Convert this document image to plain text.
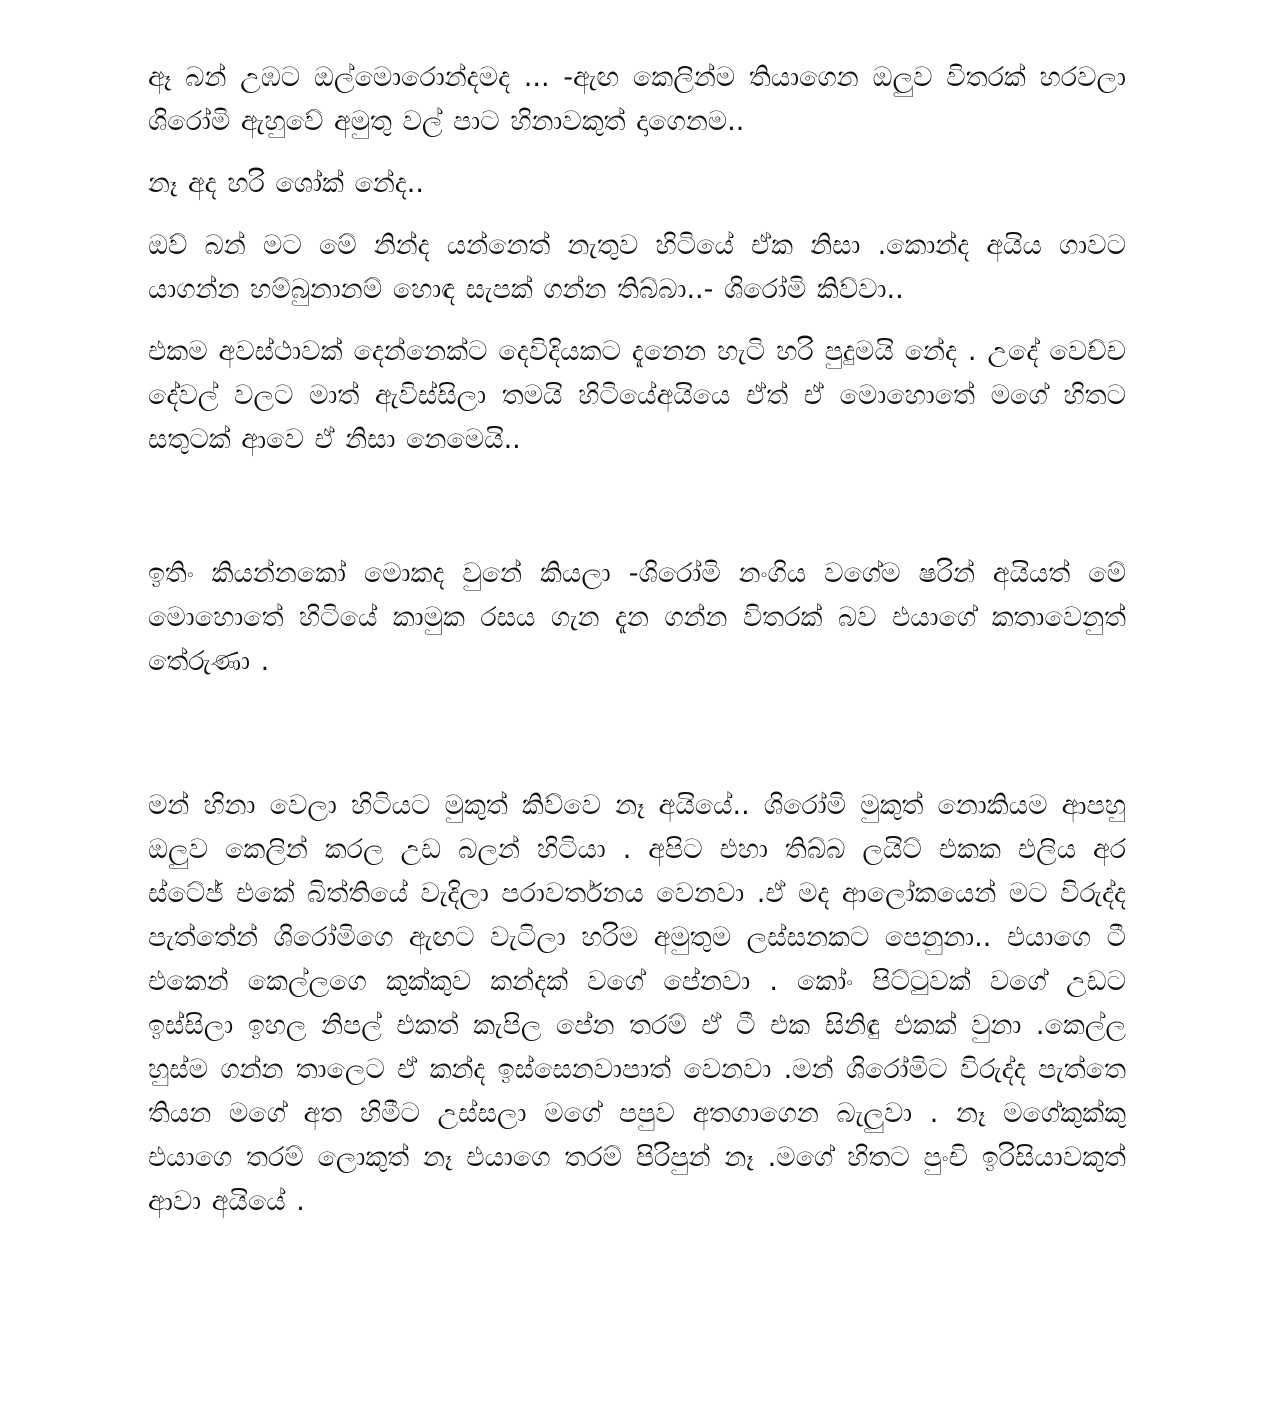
ඈ බන් උඹට ඔල්මොරොන්දමද ... -ඇඟ කෙලින්ම තියාගෙන ඔලුව විතරක් හරවලා ශිරෝමි ඇහුවේ අමුතු වල් පාට හිනාවකුත් දාගෙනම..

නෑ අද හරි ශෝක් නේද..

ඔව් බන් මට මේ නින්ද යන්නෙත් නැතුව හිටියේ ඒක නිසා .කොන්ද අයිය ගාවට යාගන්න හම්බුනානම් හොඳ සැපක් ගන්න තිබ්බා..- ශිරෝමි කිව්වා..

එකම අවස්ථාවක් දෙන්නෙක්ට දෙවිදියකට දැනෙන හැටි හරි පුදුමයි නේද . උදේ වෙච්ච දේවල් වලට මාත් ඇවිස්සිලා තමයි හිටියේඅයියෙ ඒත් ඒ මොහොතේ මගේ හිතට සතුටක් ආවෙ ඒ නිසා නෙමෙයි..

ඉතිං කියන්නකෝ මොකද වුනේ කියලා -ශිරෝමි නංගිය වගේම ෂරින් අයියත් මේ මොහොතේ හිටියේ කාමුක රසය ගැන දැන ගන්න විතරක් බව එයාගේ කතාවෙනුත් තේරුණා .

මන් හිනා වෙලා හිටියට මුකුත් කිව්වෙ නෑ අයියේ.. ශිරෝමි මුකුත් නොකියම ආපහු ඔලුව කෙලින් කරල උඩ බලන් හිටියා . අපිට එහා තිබ්බ ලයිට් එකක එලිය අර ස්ටේජ් එකේ බිත්තියේ වැදිලා පරාවර්තනය වෙනවා .ඒ මද ආලෝකයෙන් මට විරුද්ද පැත්තේන් ශිරෝමිගෙ ඇඟට වැටිලා හරිම අමුතුම ලස්සනකට පෙනුනා.. එයාගෙ ටී එකෙන් කෙල්ලගෙ කුක්කුව කන්දක් වගේ පේනවා . කෝං පිට්ටුවක් වගේ උඩට ඉස්සිලා ඉහල නිපල් එකත් කැපිල පේන තරම් ඒ ටී එක සිනිඳු එකක් වුනා .කෙල්ල හුස්ම ගන්න තාලෙට ඒ කන්ද ඉස්සෙනවාපාත් වෙනවා .මන් ශිරෝමිට විරුද්ද පැත්තෙ තියන මගේ අත හිමීට උස්සලා මගේ පපුව අතගාගෙන බැලුවා . නෑ මගේකුක්කු එයාගෙ තරම් ලොකුත් නෑ එයාගෙ තරම් පිරිපුන් නෑ .මගේ හිතට පුංචි ඉරිසියාවකුත් ආවා අයියේ .
